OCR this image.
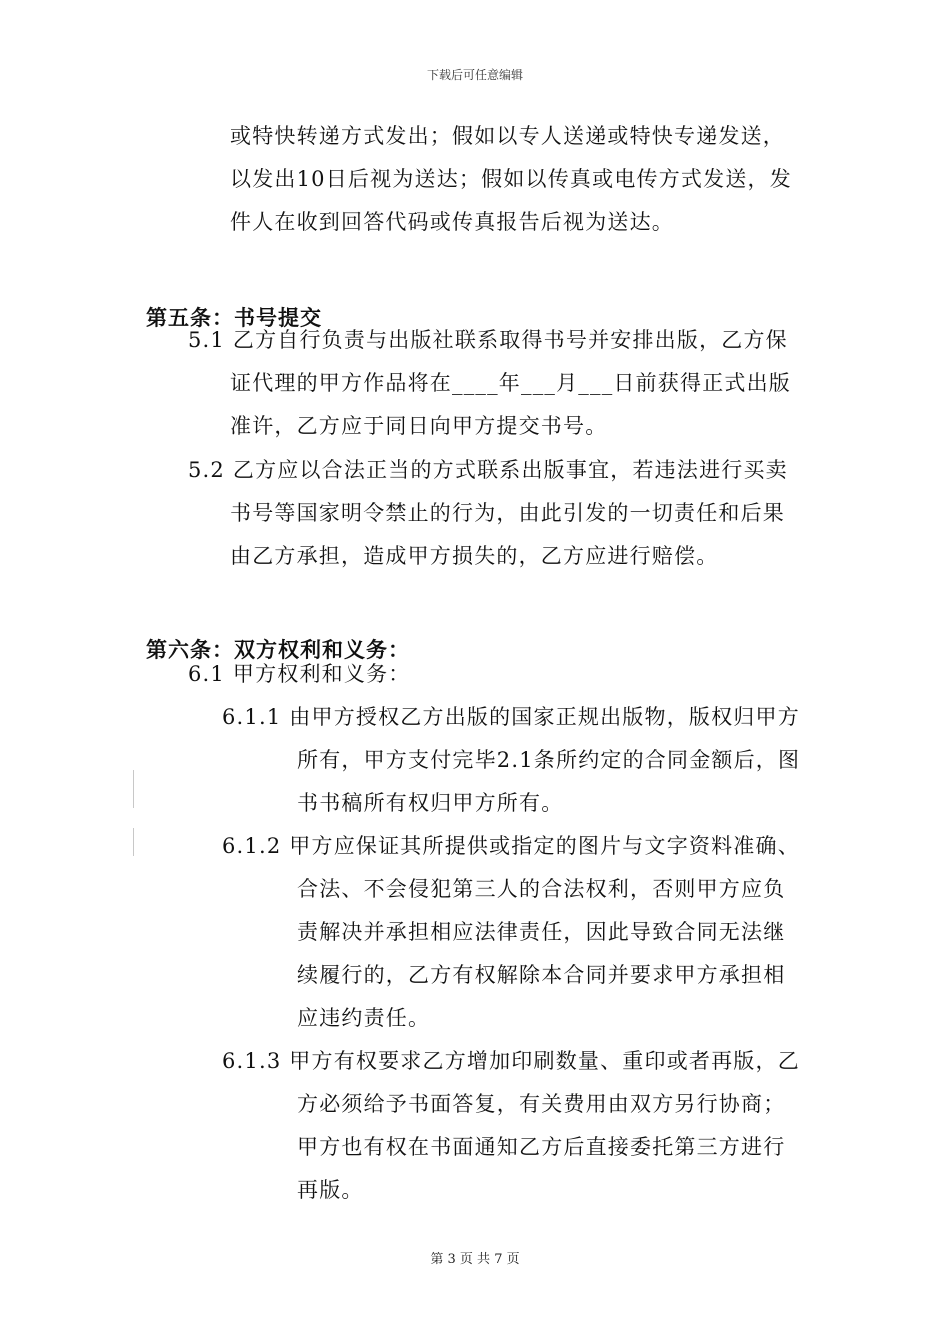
下载后可任意编辑
或特快转递方式发出；假如以专人送递或特快专递发送，
以发出10日后视为送达；假如以传真或电传方式发送，发
件人在收到回答代码或传真报告后视为送达。
第五条：书号提交
5.1 乙方自行负责与出版社联系取得书号并安排出版，乙方保
证代理的甲方作品将在____年___月___日前获得正式出版
准许，乙方应于同日向甲方提交书号。
5.2 乙方应以合法正当的方式联系出版事宜，若违法进行买卖
书号等国家明令禁止的行为，由此引发的一切责任和后果
由乙方承担，造成甲方损失的，乙方应进行赔偿。
第六条：双方权利和义务：
6.1 甲方权利和义务：
6.1.1 由甲方授权乙方出版的国家正规出版物，版权归甲方
所有，甲方支付完毕2.1条所约定的合同金额后，图
书书稿所有权归甲方所有。
6.1.2 甲方应保证其所提供或指定的图片与文字资料准确、
合法、不会侵犯第三人的合法权利，否则甲方应负
责解决并承担相应法律责任，因此导致合同无法继
续履行的，乙方有权解除本合同并要求甲方承担相
应违约责任。
6.1.3 甲方有权要求乙方增加印刷数量、重印或者再版，乙
方必须给予书面答复，有关费用由双方另行协商；
甲方也有权在书面通知乙方后直接委托第三方进行
再版。
第 3 页 共 7 页
